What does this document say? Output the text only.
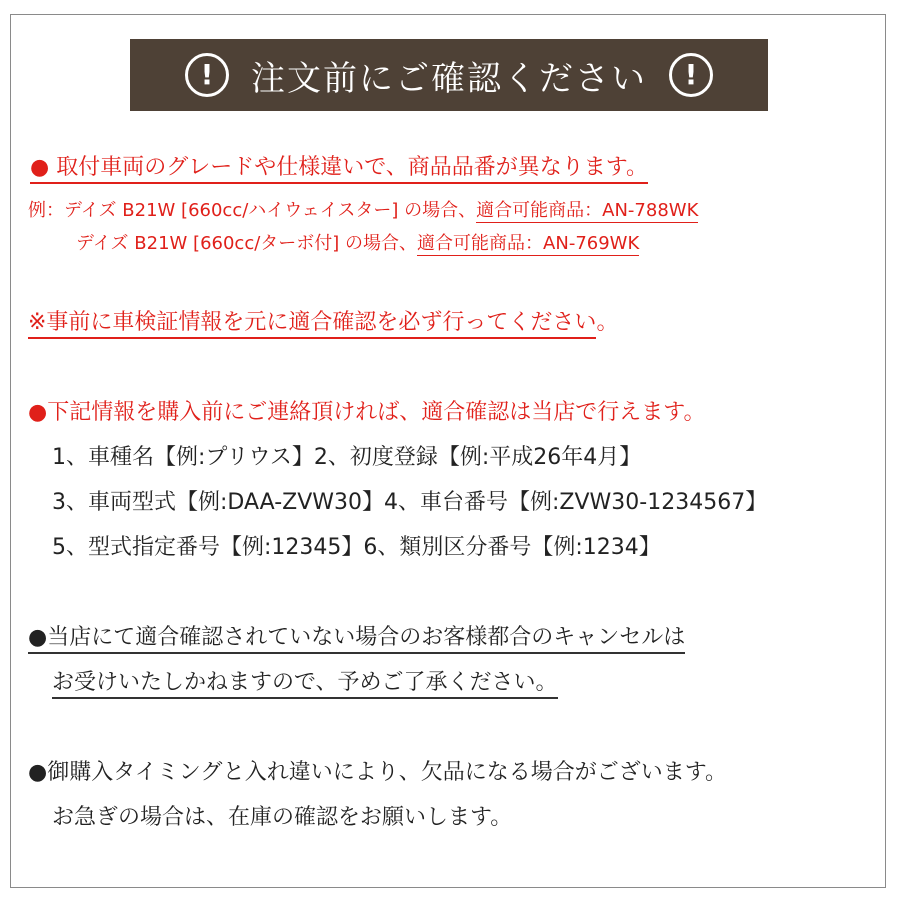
!	注文前にご確認ください	!
● 取付車両のグレードや仕様違いで、商品品番が異なります。
例：デイズ B21W [660cc/ハイウェイスター] の場合、適合可能商品：AN-788WK
デイズ B21W [660cc/ターボ付] の場合、適合可能商品：AN-769WK
※事前に車検証情報を元に適合確認を必ず行ってください。
●下記情報を購入前にご連絡頂ければ、適合確認は当店で行えます。
1、車種名【例:プリウス】2、初度登録【例:平成26年4月】
3、車両型式【例:DAA-ZVW30】4、車台番号【例:ZVW30-1234567】
5、型式指定番号【例:12345】6、類別区分番号【例:1234】
●当店にて適合確認されていない場合のお客様都合のキャンセルは
お受けいたしかねますので、予めご了承ください。
●御購入タイミングと入れ違いにより、欠品になる場合がございます。
お急ぎの場合は、在庫の確認をお願いします。
